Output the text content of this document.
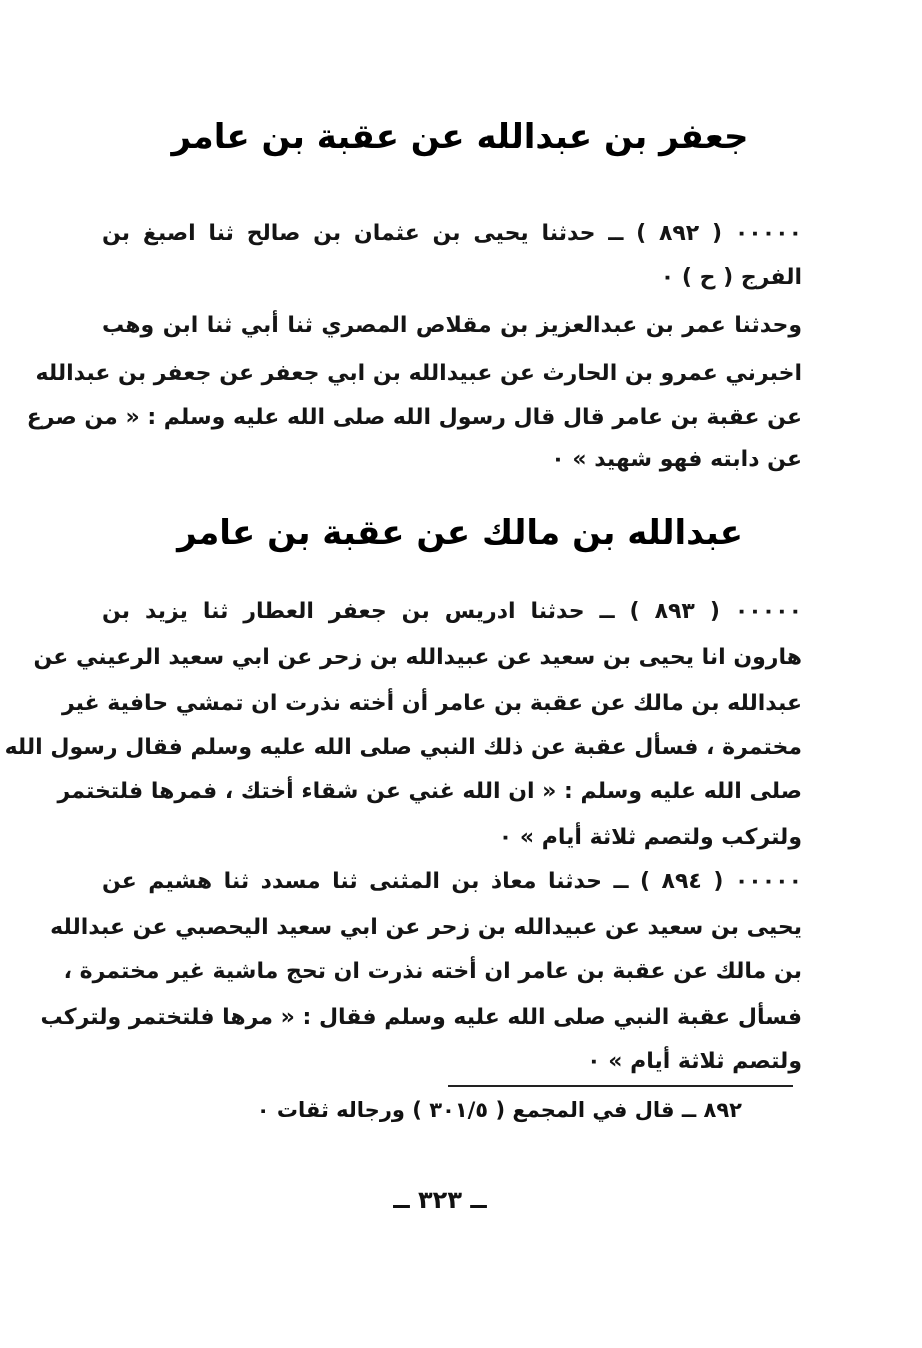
جعفر بن عبدالله عن عقبة بن عامر
٠٠٠٠٠ ( ٨٩٢ ) ــ حدثنا يحيى بن عثمان بن صالح ثنا اصبغ بن
الفرج ( ح ) ٠
وحدثنا عمر بن عبدالعزيز بن مقلاص المصري ثنا أبي ثنا ابن وهب
اخبرني عمرو بن الحارث عن عبيدالله بن ابي جعفر عن جعفر بن عبدالله
عن عقبة بن عامر قال قال رسول الله صلى الله عليه وسلم : « من صرع
عن دابته فهو شهيد » ٠
عبدالله بن مالك عن عقبة بن عامر
٠٠٠٠٠ ( ٨٩٣ ) ــ حدثنا ادريس بن جعفر العطار ثنا يزيد بن
هارون انا يحيى بن سعيد عن عبيدالله بن زحر عن ابي سعيد الرعيني عن
عبدالله بن مالك عن عقبة بن عامر أن أخته نذرت ان تمشي حافية غير
مختمرة ، فسأل عقبة عن ذلك النبي صلى الله عليه وسلم فقال رسول الله
صلى الله عليه وسلم : « ان الله غني عن شقاء أختك ، فمرها فلتختمر
ولتركب ولتصم ثلاثة أيام » ٠
٠٠٠٠٠ ( ٨٩٤ ) ــ حدثنا معاذ بن المثنى ثنا مسدد ثنا هشيم عن
يحيى بن سعيد عن عبيدالله بن زحر عن ابي سعيد اليحصبي عن عبدالله
بن مالك عن عقبة بن عامر ان أخته نذرت ان تحج ماشية غير مختمرة ،
فسأل عقبة النبي صلى الله عليه وسلم فقال : « مرها فلتختمر ولتركب
ولتصم ثلاثة أيام » ٠
٨٩٢ ــ قال في المجمع ( ٣٠١/٥ ) ورجاله ثقات ٠
ــ ٣٢٣ ــ
